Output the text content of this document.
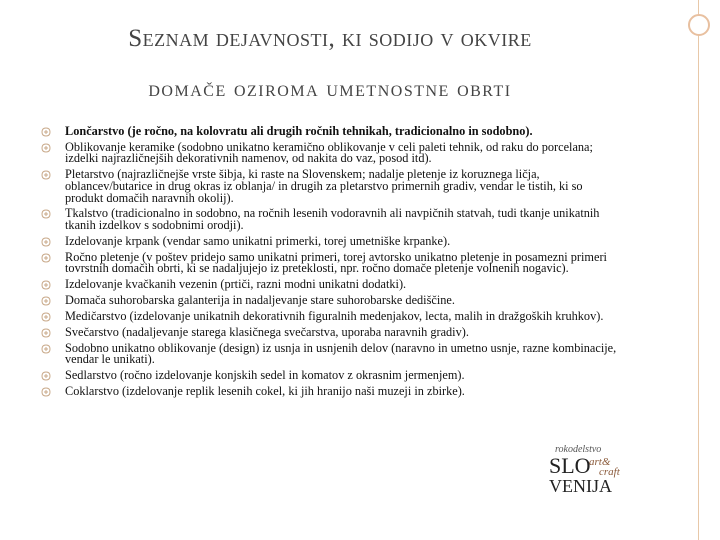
Seznam dejavnosti, ki sodijo v okvire
domače oziroma umetnostne obrti
Lončarstvo (je ročno, na kolovratu ali drugih ročnih tehnikah, tradicionalno in sodobno).
Oblikovanje keramike (sodobno unikatno keramično oblikovanje v celi paleti tehnik, od raku do porcelana; izdelki najrazličnejših dekorativnih namenov, od nakita do vaz, posod itd).
Pletarstvo (najrazličnejše vrste šibja, ki raste na Slovenskem; nadalje pletenje iz koruznega ličja, oblancev/butarice in drug okras iz oblanja/ in drugih za pletarstvo primernih gradiv, vendar le tistih, ki so produkt domačih naravnih okolij).
Tkalstvo (tradicionalno in sodobno, na ročnih lesenih vodoravnih ali navpičnih statvah, tudi tkanje unikatnih tkanih izdelkov s sodobnimi orodji).
Izdelovanje krpank (vendar samo unikatni primerki, torej umetniške krpanke).
Ročno pletenje (v poštev pridejo samo unikatni primeri, torej avtorsko unikatno pletenje in posamezni primeri tovrstnih domačih obrti, ki se nadaljujejo iz preteklosti, npr. ročno domače pletenje volnenih nogavic).
Izdelovanje kvačkanih vezenin (prtiči, razni modni unikatni dodatki).
Domača suhorobarska galanterija in nadaljevanje stare suhorobarske dediščine.
Medičarstvo (izdelovanje unikatnih dekorativnih figuralnih medenjakov, lecta, malih in dražgoških kruhkov).
Svečarstvo (nadaljevanje starega klasičnega svečarstva, uporaba naravnih gradiv).
Sodobno unikatno oblikovanje (design) iz usnja in usnjenih delov (naravno in umetno usnje, razne kombinacije, vendar le unikati).
Sedlarstvo (ročno izdelovanje konjskih sedel in komatov z okrasnim jermenjem).
Coklarstvo (izdelovanje replik lesenih cokel, ki jih hranijo naši muzeji in zbirke).
rokodelstvo
art&
craft
SLO
VENIJA
